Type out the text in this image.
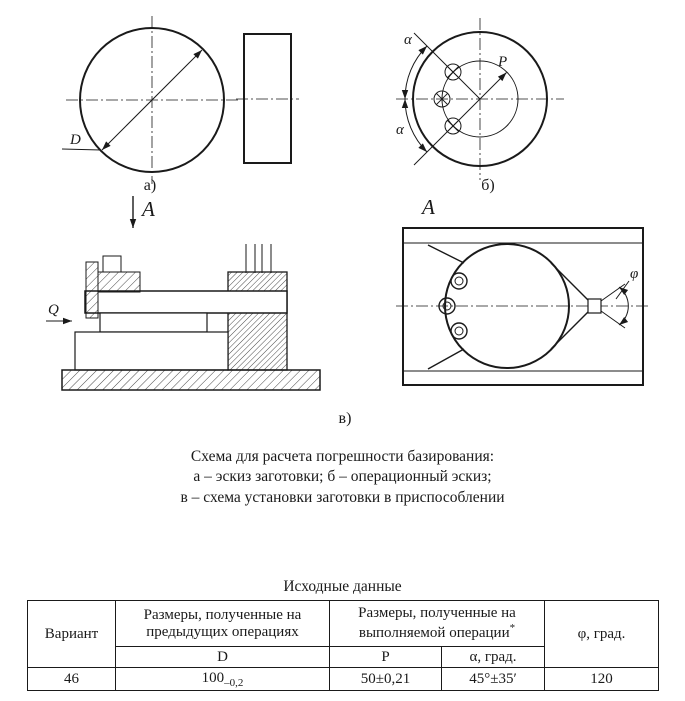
D
а)
α
α
Р
б)
А	А
Q
φ
в)
Схема для расчета погрешности базирования:
а – эскиз заготовки; б – операционный эскиз;
в – схема установки заготовки в приспособлении
Исходные данные
Вариант	Размеры, полученные на предыдущих операциях	Размеры, полученные на выполняемой операции*		φ, град.
	D	Р	α, град.	
46	$100_{-0,2}$	50±0,21	45°±35′	120
